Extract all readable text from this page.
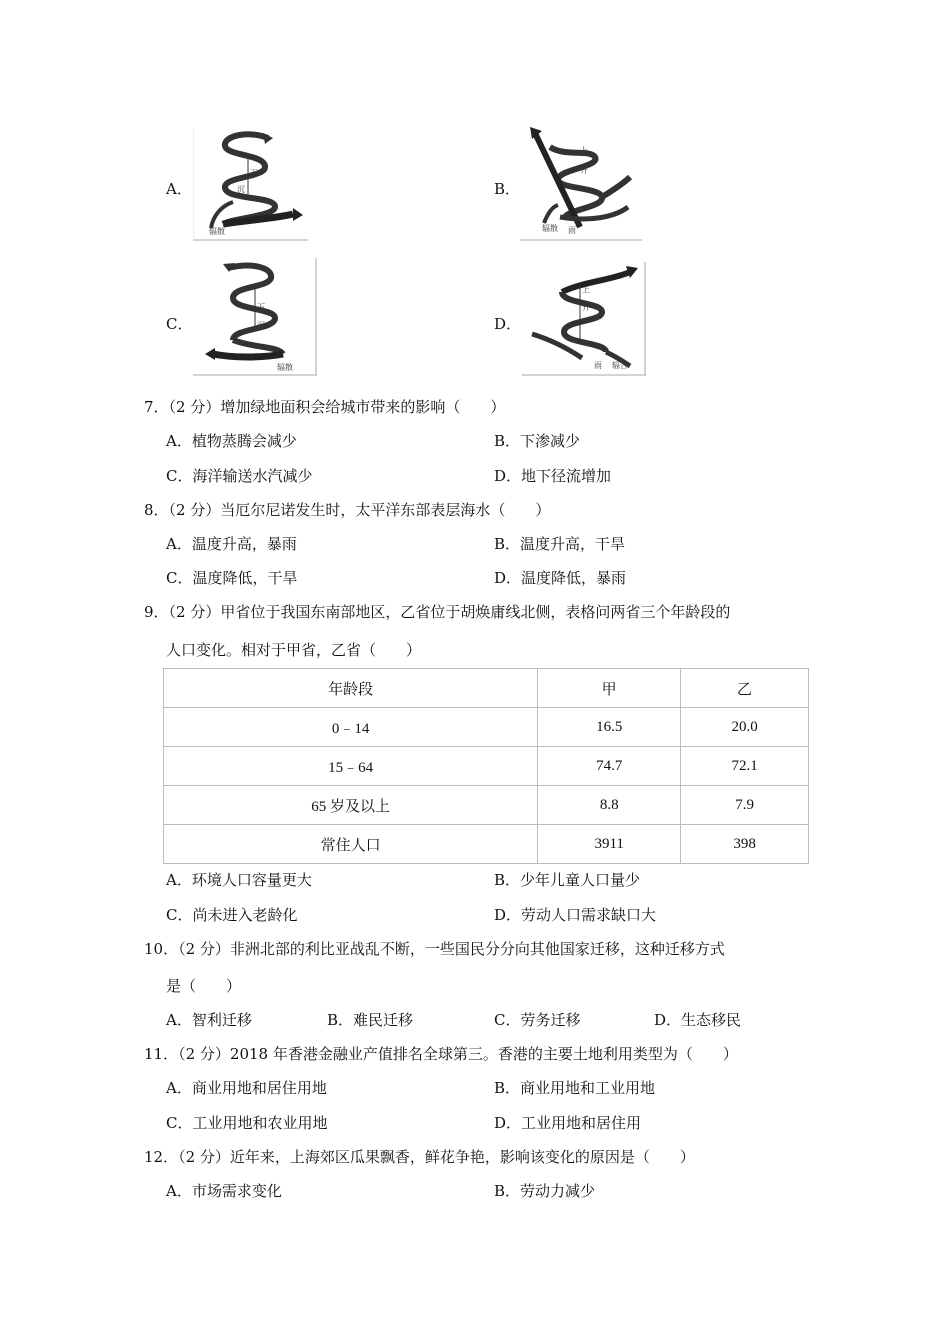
A．
下
沉
辐散
B．
上
升
辐散 雨
C．
下
沉
辐散
D．
上
升
雨 辐合
7．（2 分）增加绿地面积会给城市带来的影响（　　）
A．植物蒸腾会减少	B．下渗减少
C．海洋输送水汽减少	D．地下径流增加
8．（2 分）当厄尔尼诺发生时，太平洋东部表层海水（　　）
A．温度升高，暴雨	B．温度升高，干旱
C．温度降低，干旱	D．温度降低，暴雨
9．（2 分）甲省位于我国东南部地区，乙省位于胡焕庸线北侧，表格问两省三个年龄段的
人口变化。相对于甲省，乙省（　　）
年龄段	甲	乙
0﹣14	16.5	20.0
15﹣64	74.7	72.1
65 岁及以上	8.8	7.9
常住人口	3911	398
A．环境人口容量更大	B．少年儿童人口量少
C．尚未进入老龄化	D．劳动人口需求缺口大
10．（2 分）非洲北部的利比亚战乱不断，一些国民分分向其他国家迁移，这种迁移方式
是（　　）
A．智利迁移	B．难民迁移	C．劳务迁移	D．生态移民
11．（2 分）2018 年香港金融业产值排名全球第三。香港的主要土地利用类型为（　　）
A．商业用地和居住用地	B．商业用地和工业用地
C．工业用地和农业用地	D．工业用地和居住用
12．（2 分）近年来，上海郊区瓜果飘香，鲜花争艳，影响该变化的原因是（　　）
A．市场需求变化	B．劳动力减少
